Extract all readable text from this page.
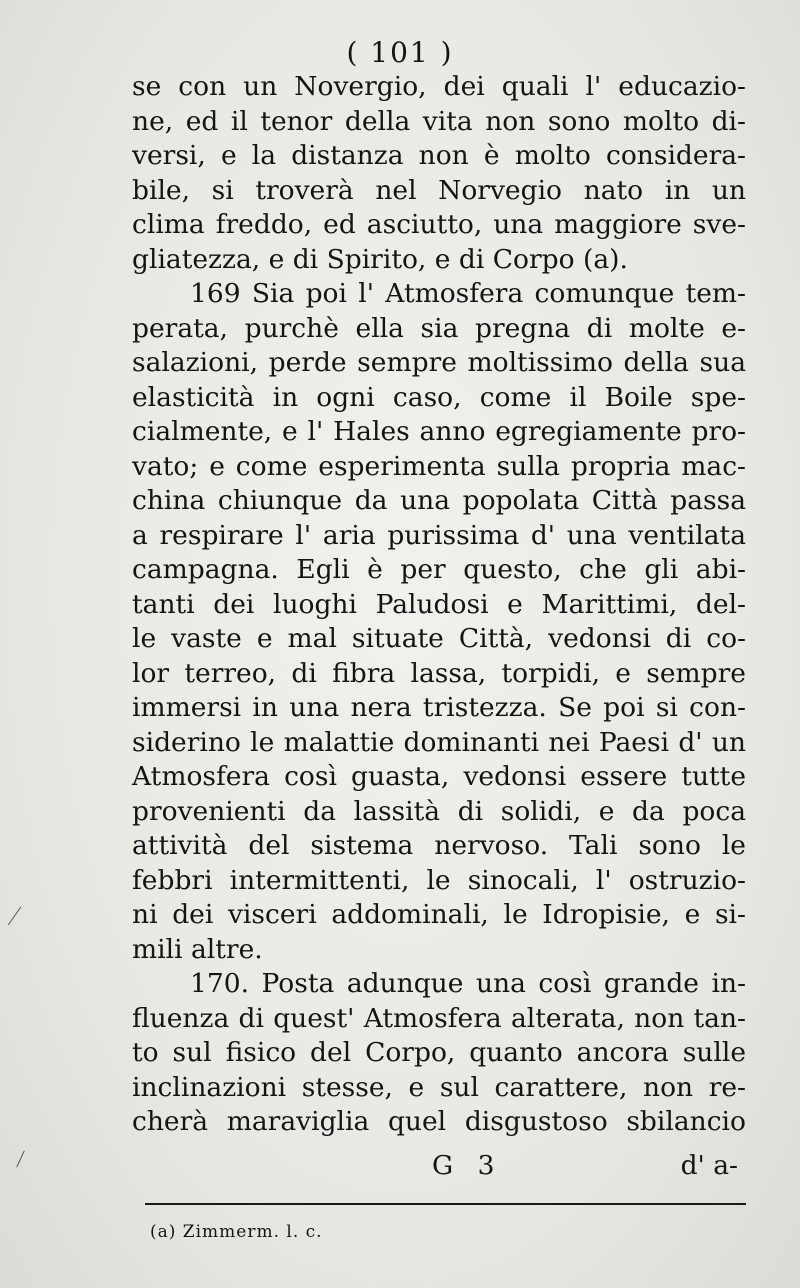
( 101 )
se con un Novergio, dei quali l' educazio-
ne, ed il tenor della vita non sono molto di-
versi, e la distanza non è molto considera-
bile, si troverà nel Norvegio nato in un
clima freddo, ed asciutto, una maggiore sve-
gliatezza, e di Spirito, e di Corpo (a).
169 Sia poi l' Atmosfera comunque tem-
perata, purchè ella sia pregna di molte e-
salazioni, perde sempre moltissimo della sua
elasticità in ogni caso, come il Boile spe-
cialmente, e l' Hales anno egregiamente pro-
vato; e come esperimenta sulla propria mac-
china chiunque da una popolata Città passa
a respirare l' aria purissima d' una ventilata
campagna. Egli è per questo, che gli abi-
tanti dei luoghi Paludosi e Marittimi, del-
le vaste e mal situate Città, vedonsi di co-
lor terreo, di fibra lassa, torpidi, e sempre
immersi in una nera tristezza. Se poi si con-
siderino le malattie dominanti nei Paesi d' un
Atmosfera così guasta, vedonsi essere tutte
provenienti da lassità di solidi, e da poca
attività del sistema nervoso. Tali sono le
febbri intermittenti, le sinocali, l' ostruzio-
ni dei visceri addominali, le Idropisie, e si-
mili altre.
170. Posta adunque una così grande in-
fluenza di quest' Atmosfera alterata, non tan-
to sul fisico del Corpo, quanto ancora sulle
inclinazioni stesse, e sul carattere, non re-
cherà maraviglia quel disgustoso sbilancio
G 3	d' a-
(a) Zimmerm. l. c.
